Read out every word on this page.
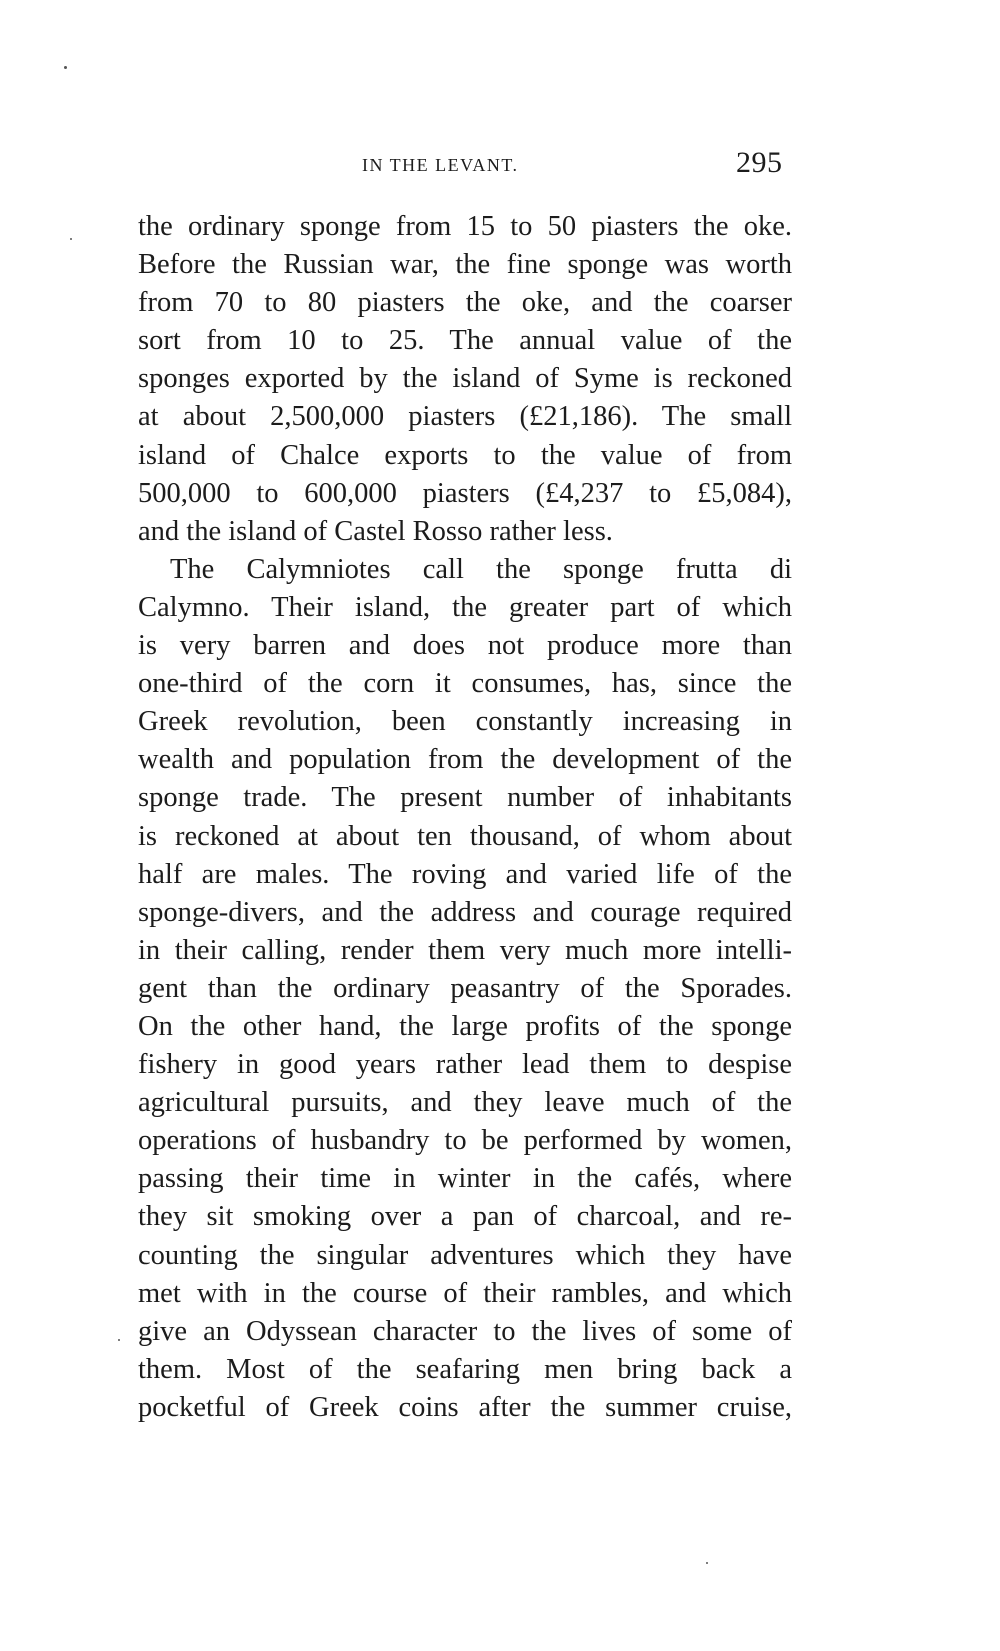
IN THE LEVANT.	295
the ordinary sponge from 15 to 50 piasters the oke.
Before the Russian war, the fine sponge was worth
from 70 to 80 piasters the oke, and the coarser
sort from 10 to 25. The annual value of the
sponges exported by the island of Syme is reckoned
at about 2,500,000 piasters (£21,186). The small
island of Chalce exports to the value of from
500,000 to 600,000 piasters (£4,237 to £5,084),
and the island of Castel Rosso rather less.
The Calymniotes call the sponge frutta di
Calymno. Their island, the greater part of which
is very barren and does not produce more than
one-third of the corn it consumes, has, since the
Greek revolution, been constantly increasing in
wealth and population from the development of the
sponge trade. The present number of inhabitants
is reckoned at about ten thousand, of whom about
half are males. The roving and varied life of the
sponge-divers, and the address and courage required
in their calling, render them very much more intelli-
gent than the ordinary peasantry of the Sporades.
On the other hand, the large profits of the sponge
fishery in good years rather lead them to despise
agricultural pursuits, and they leave much of the
operations of husbandry to be performed by women,
passing their time in winter in the cafés, where
they sit smoking over a pan of charcoal, and re-
counting the singular adventures which they have
met with in the course of their rambles, and which
give an Odyssean character to the lives of some of
them. Most of the seafaring men bring back a
pocketful of Greek coins after the summer cruise,
